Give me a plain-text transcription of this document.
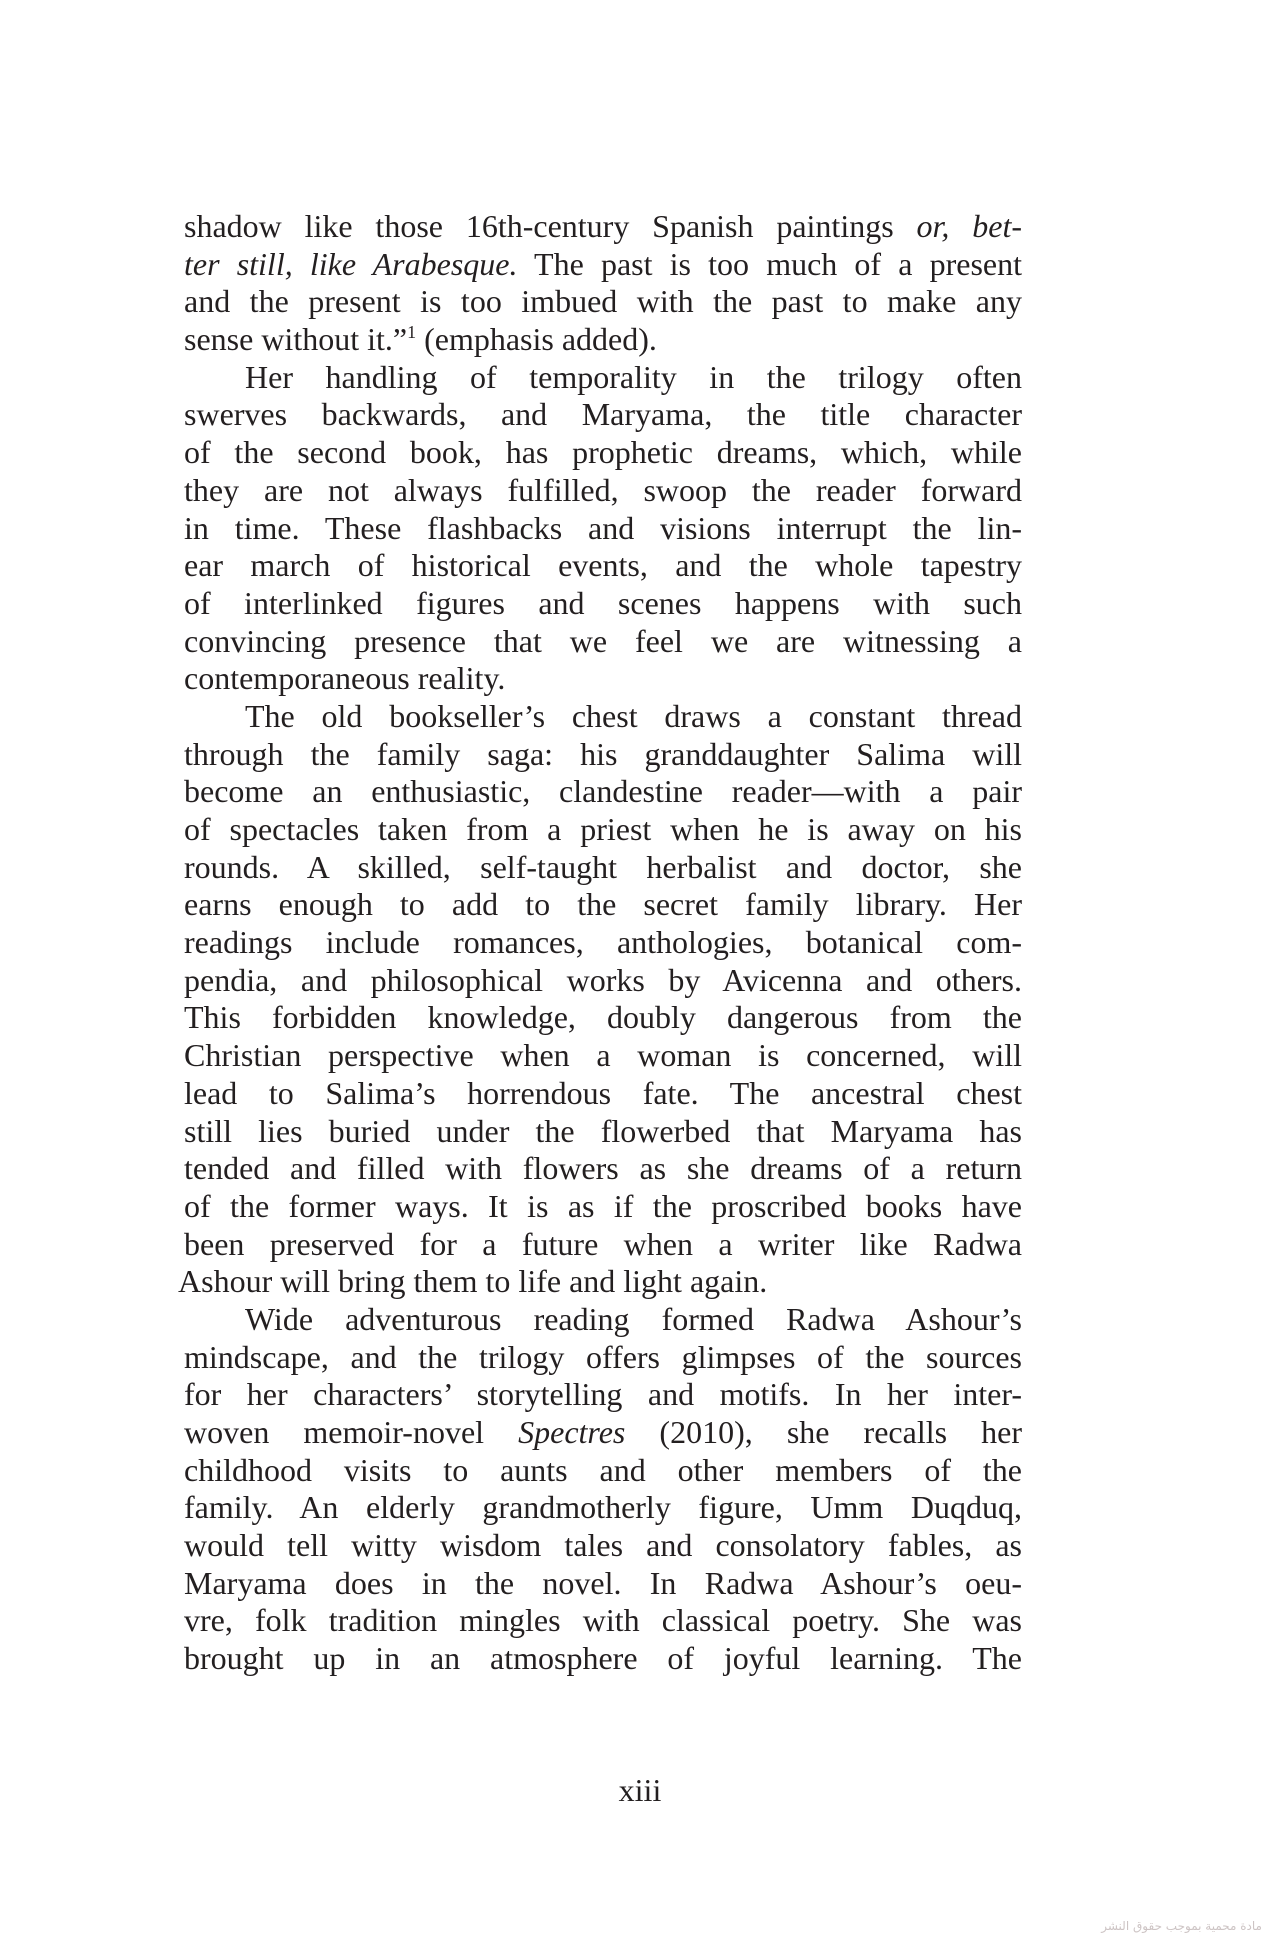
shadow like those 16th-century Spanish paintings or, bet-
ter still, like Arabesque. The past is too much of a present
and the present is too imbued with the past to make any
sense without it.”$^1$ (emphasis added).
Her handling of temporality in the trilogy often
swerves backwards, and Maryama, the title character
of the second book, has prophetic dreams, which, while
they are not always fulfilled, swoop the reader forward
in time. These flashbacks and visions interrupt the lin-
ear march of historical events, and the whole tapestry
of interlinked figures and scenes happens with such
convincing presence that we feel we are witnessing a
contemporaneous reality.
The old bookseller’s chest draws a constant thread
through the family saga: his granddaughter Salima will
become an enthusiastic, clandestine reader—with a pair
of spectacles taken from a priest when he is away on his
rounds. A skilled, self-taught herbalist and doctor, she
earns enough to add to the secret family library. Her
readings include romances, anthologies, botanical com-
pendia, and philosophical works by Avicenna and others.
This forbidden knowledge, doubly dangerous from the
Christian perspective when a woman is concerned, will
lead to Salima’s horrendous fate. The ancestral chest
still lies buried under the flowerbed that Maryama has
tended and filled with flowers as she dreams of a return
of the former ways. It is as if the proscribed books have
been preserved for a future when a writer like Radwa
Ashour will bring them to life and light again.
Wide adventurous reading formed Radwa Ashour’s
mindscape, and the trilogy offers glimpses of the sources
for her characters’ storytelling and motifs. In her inter-
woven memoir-novel Spectres (2010), she recalls her
childhood visits to aunts and other members of the
family. An elderly grandmotherly figure, Umm Duqduq,
would tell witty wisdom tales and consolatory fables, as
Maryama does in the novel. In Radwa Ashour’s oeu-
vre, folk tradition mingles with classical poetry. She was
brought up in an atmosphere of joyful learning. The
xiii
مادة محمية بموجب حقوق النشر
